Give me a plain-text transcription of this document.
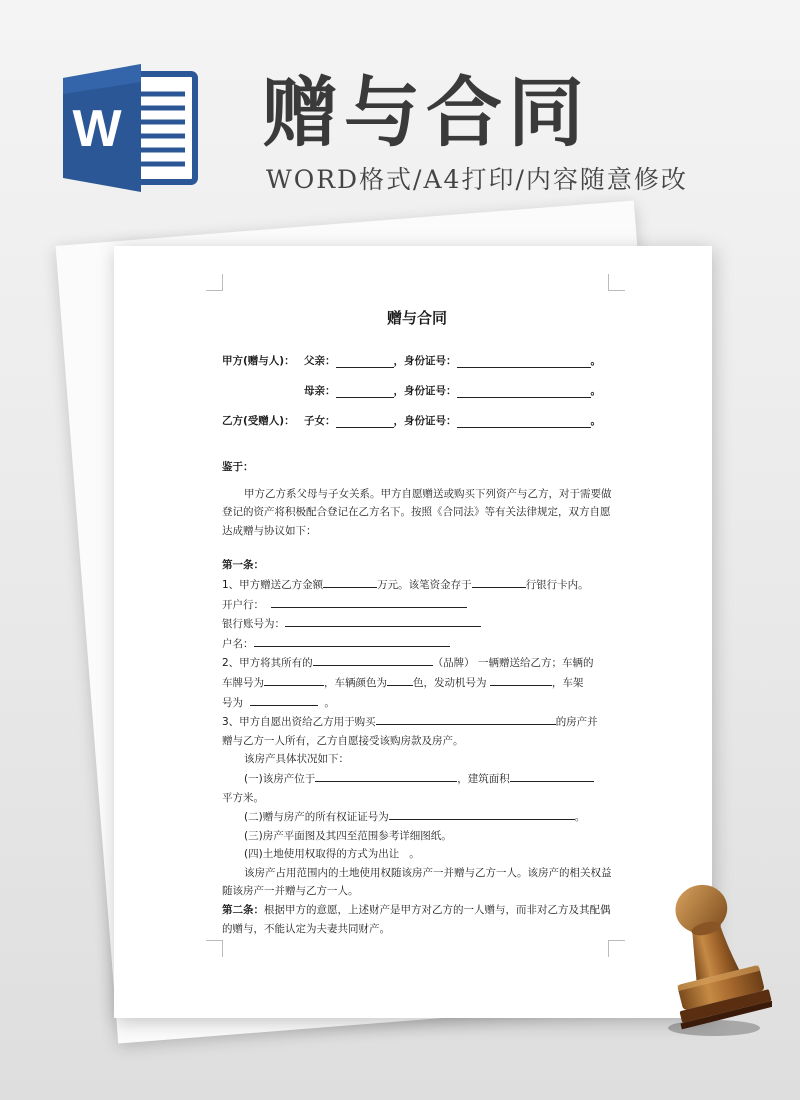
W 赠与合同

WORD格式/A4打印/内容随意修改

赠与合同
甲方(赠与人)： 父亲：	，身份证号：	。
母亲：	，身份证号：	。
乙方(受赠人)： 子女：	，身份证号：	。

鉴于：

甲方乙方系父母与子女关系。甲方自愿赠送或购买下列资产与乙方，对于需要做登记的资产将积极配合登记在乙方名下。按照《合同法》等有关法律规定，双方自愿达成赠与协议如下：

第一条：

1、甲方赠送乙方金额	万元。该笔资金存于	行银行卡内。

开户行：

银行账号为：

户名：

2、甲方将其所有的	（品牌） 一辆赠送给乙方；车辆的

车牌号为	，车辆颜色为 色，发动机号为	，车架

号为	。

3、甲方自愿出资给乙方用于购买	的房产并

赠与乙方一人所有，乙方自愿接受该购房款及房产。

该房产具体状况如下：

(一)该房产位于	，建筑面积

平方米。

(二)赠与房产的所有权证证号为	。

(三)房产平面图及其四至范围参考详细图纸。

(四)土地使用权取得的方式为出让 。

该房产占用范围内的土地使用权随该房产一并赠与乙方一人。该房产的相关权益随该房产一并赠与乙方一人。

第二条：根据甲方的意愿，上述财产是甲方对乙方的一人赠与，而非对乙方及其配偶的赠与，不能认定为夫妻共同财产。
